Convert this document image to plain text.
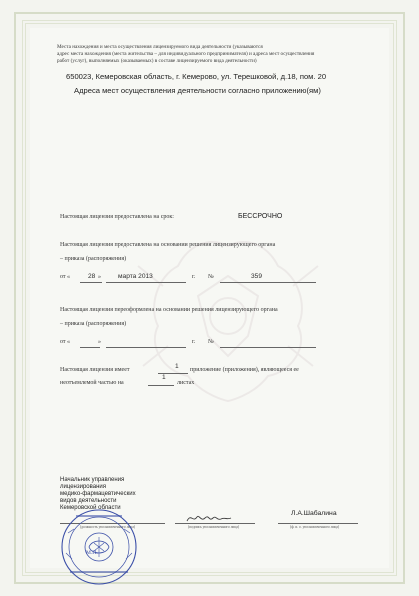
Места нахождения и места осуществления лицензируемого вида деятельности (указываются
адрес места нахождения (места жительства – для индивидуального предпринимателя) и адреса мест осуществления
работ (услуг), выполняемых (оказываемых) в составе лицензируемого вида деятельности)
650023, Кемеровская область, г. Кемерово, ул. Терешковой, д.18, пом. 20
Адреса мест осуществления деятельности согласно приложению(ям)
Настоящая лицензия предоставлена на срок:	БЕССРОЧНО
Настоящая лицензия предоставлена на основании решения лицензирующего органа
– приказа (распоряжения)
от «	28 »	марта 2013	г. №	359
Настоящая лицензия переоформлена на основании решения лицензирующего органа
– приказа (распоряжения)
от «	»	г. №
Настоящая лицензия имеет	1 приложение (приложения), являющееся ее
неотъемлемой частью на
1
листах
Начальник управления
лицензирования
медико-фармацевтических
видов деятельности
Кемеровской области
(должность уполномоченного лица)	(подпись уполномоченного лица)
Л.А.Шабалина
(ф. и. о. уполномоченного лица)
М.П.
